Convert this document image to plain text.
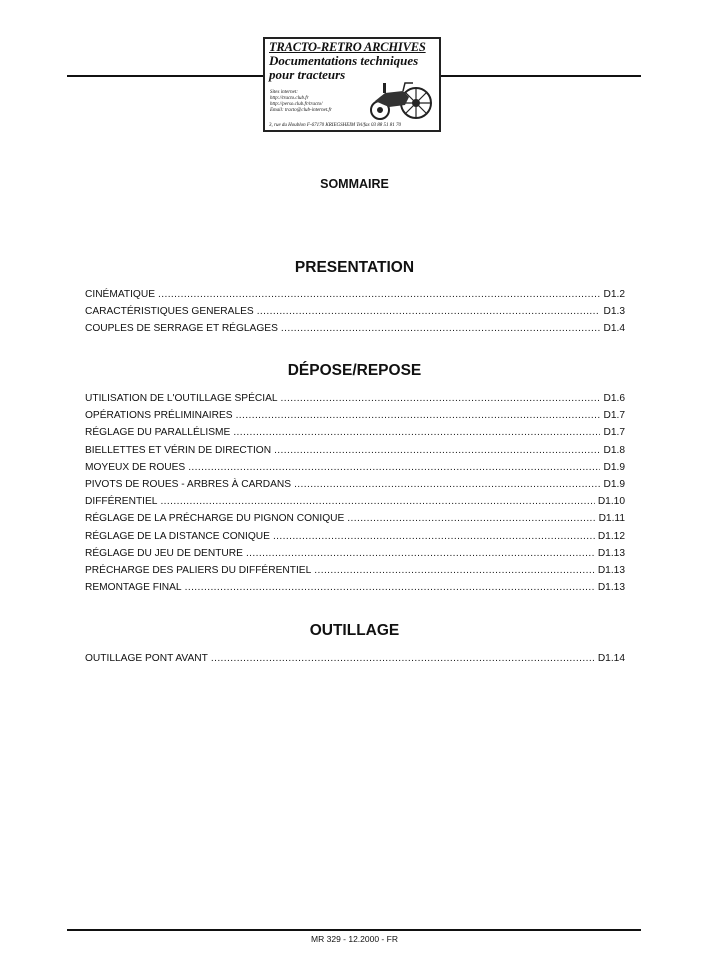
TRACTO-RETRO ARCHIVES
Documentations techniques
pour tracteurs
Sites internet:
http://tracto.club.fr
http://perso.club.fr/tracto/
Email: tracto@club-internet.fr
3, rue du Houblon F-67170 KRIEGSHEIM Tel/fax 03 88 51 81 70
SOMMAIRE
PRESENTATION
CINÉMATIQUE .....	D1.2
CARACTÉRISTIQUES GENERALES .....	D1.3
COUPLES DE SERRAGE ET RÉGLAGES .....	D1.4
DÉPOSE/REPOSE
UTILISATION DE L'OUTILLAGE SPÉCIAL .....	D1.6
OPÉRATIONS PRÉLIMINAIRES .....	D1.7
RÉGLAGE DU PARALLÉLISME .....	D1.7
BIELLETTES ET VÉRIN DE DIRECTION .....	D1.8
MOYEUX DE ROUES .....	D1.9
PIVOTS DE ROUES - ARBRES À CARDANS .....	D1.9
DIFFÉRENTIEL .....	D1.10
RÉGLAGE DE LA PRÉCHARGE DU PIGNON CONIQUE .....	D1.11
RÉGLAGE DE LA DISTANCE CONIQUE .....	D1.12
RÉGLAGE DU JEU DE DENTURE .....	D1.13
PRÉCHARGE DES PALIERS DU DIFFÉRENTIEL .....	D1.13
REMONTAGE FINAL .....	D1.13
OUTILLAGE
OUTILLAGE PONT AVANT .....	D1.14
MR 329 - 12.2000 - FR
